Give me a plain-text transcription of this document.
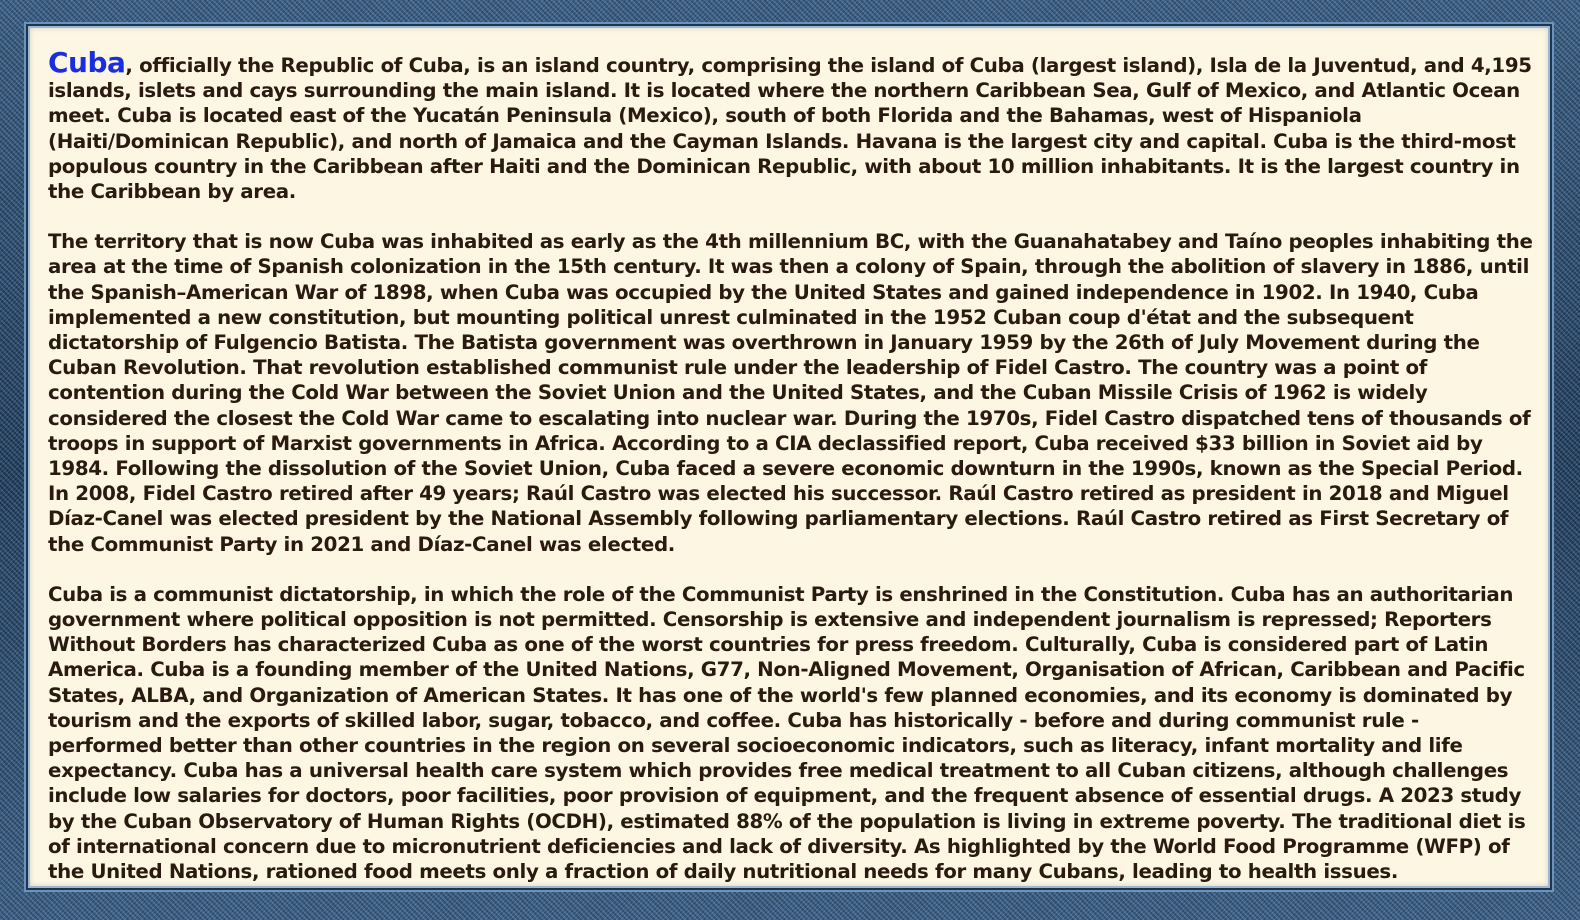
Cuba, officially the Republic of Cuba, is an island country, comprising the island of Cuba (largest island), Isla de la Juventud, and 4,195 islands, islets and cays surrounding the main island. It is located where the northern Caribbean Sea, Gulf of Mexico, and Atlantic Ocean meet. Cuba is located east of the Yucatán Peninsula (Mexico), south of both Florida and the Bahamas, west of Hispaniola (Haiti/Dominican Republic), and north of Jamaica and the Cayman Islands. Havana is the largest city and capital. Cuba is the third-most populous country in the Caribbean after Haiti and the Dominican Republic, with about 10 million inhabitants. It is the largest country in the Caribbean by area.

The territory that is now Cuba was inhabited as early as the 4th millennium BC, with the Guanahatabey and Taíno peoples inhabiting the area at the time of Spanish colonization in the 15th century. It was then a colony of Spain, through the abolition of slavery in 1886, until the Spanish–American War of 1898, when Cuba was occupied by the United States and gained independence in 1902. In 1940, Cuba implemented a new constitution, but mounting political unrest culminated in the 1952 Cuban coup d'état and the subsequent dictatorship of Fulgencio Batista. The Batista government was overthrown in January 1959 by the 26th of July Movement during the Cuban Revolution. That revolution established communist rule under the leadership of Fidel Castro. The country was a point of contention during the Cold War between the Soviet Union and the United States, and the Cuban Missile Crisis of 1962 is widely considered the closest the Cold War came to escalating into nuclear war. During the 1970s, Fidel Castro dispatched tens of thousands of troops in support of Marxist governments in Africa. According to a CIA declassified report, Cuba received $33 billion in Soviet aid by 1984. Following the dissolution of the Soviet Union, Cuba faced a severe economic downturn in the 1990s, known as the Special Period. In 2008, Fidel Castro retired after 49 years; Raúl Castro was elected his successor. Raúl Castro retired as president in 2018 and Miguel Díaz-Canel was elected president by the National Assembly following parliamentary elections. Raúl Castro retired as First Secretary of the Communist Party in 2021 and Díaz-Canel was elected.

Cuba is a communist dictatorship, in which the role of the Communist Party is enshrined in the Constitution. Cuba has an authoritarian government where political opposition is not permitted. Censorship is extensive and independent journalism is repressed; Reporters Without Borders has characterized Cuba as one of the worst countries for press freedom. Culturally, Cuba is considered part of Latin America. Cuba is a founding member of the United Nations, G77, Non-Aligned Movement, Organisation of African, Caribbean and Pacific States, ALBA, and Organization of American States. It has one of the world's few planned economies, and its economy is dominated by tourism and the exports of skilled labor, sugar, tobacco, and coffee. Cuba has historically - before and during communist rule - performed better than other countries in the region on several socioeconomic indicators, such as literacy, infant mortality and life expectancy. Cuba has a universal health care system which provides free medical treatment to all Cuban citizens, although challenges include low salaries for doctors, poor facilities, poor provision of equipment, and the frequent absence of essential drugs. A 2023 study by the Cuban Observatory of Human Rights (OCDH), estimated 88% of the population is living in extreme poverty. The traditional diet is of international concern due to micronutrient deficiencies and lack of diversity. As highlighted by the World Food Programme (WFP) of the United Nations, rationed food meets only a fraction of daily nutritional needs for many Cubans, leading to health issues.
